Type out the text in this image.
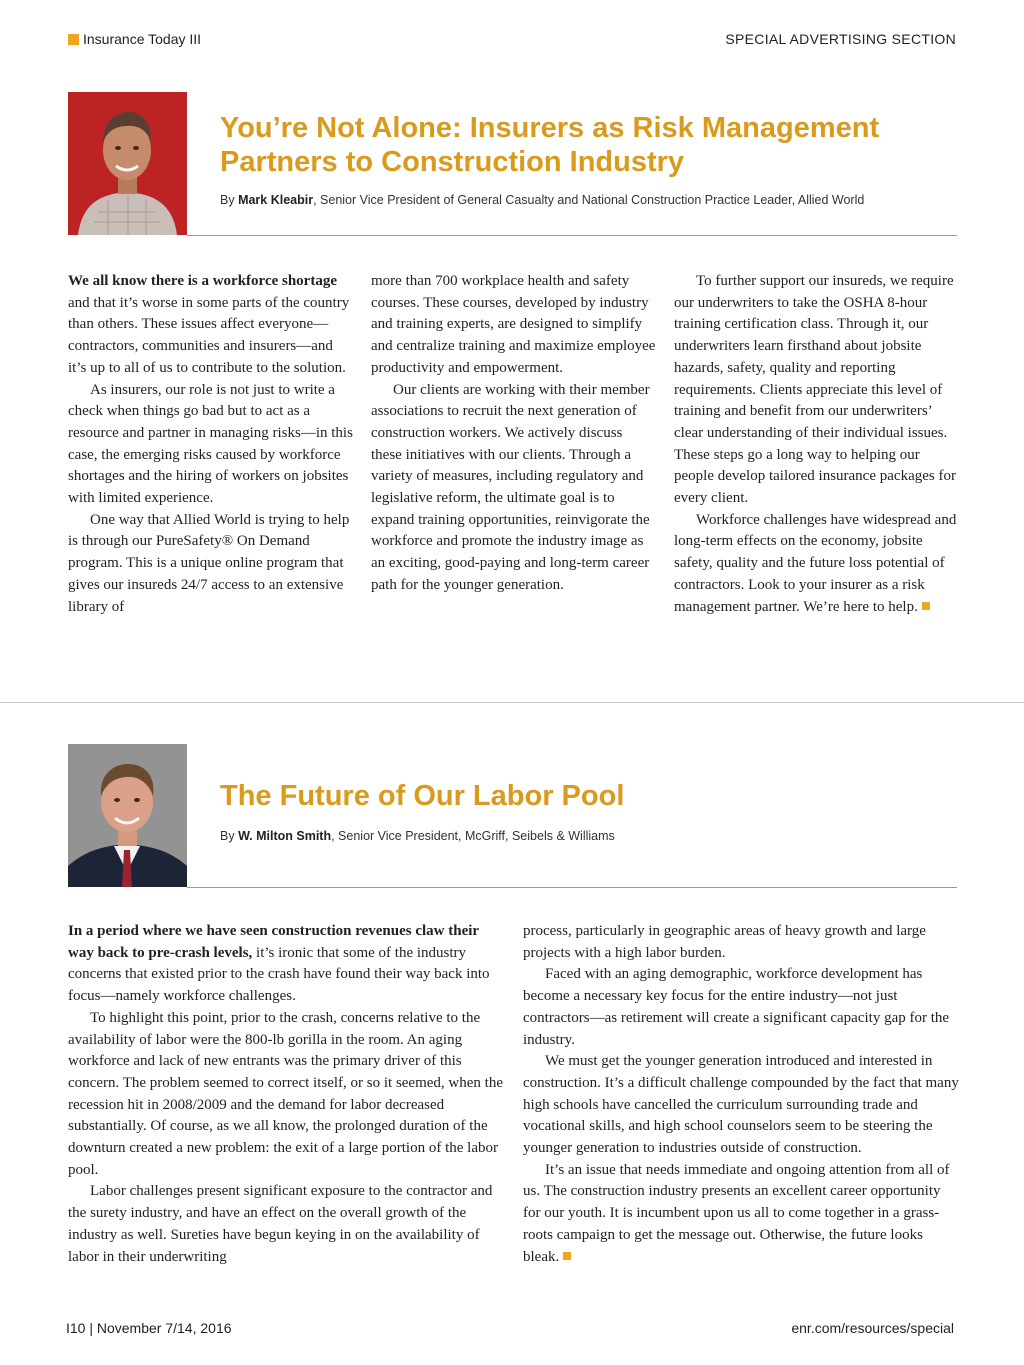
Insurance Today III	SPECIAL ADVERTISING SECTION
You’re Not Alone: Insurers as Risk Management Partners to Construction Industry
By Mark Kleabir, Senior Vice President of General Casualty and National Construction Practice Leader, Allied World

We all know there is a workforce shortage and that it’s worse in some parts of the country than others. These issues affect everyone—contractors, communities and insurers—and it’s up to all of us to contribute to the solution.

As insurers, our role is not just to write a check when things go bad but to act as a resource and partner in managing risks—in this case, the emerging risks caused by workforce shortages and the hiring of workers on jobsites with limited experience.

One way that Allied World is trying to help is through our PureSafety® On Demand program. This is a unique online program that gives our insureds 24/7 access to an extensive library of

more than 700 workplace health and safety courses. These courses, developed by industry and training experts, are designed to simplify and centralize training and maximize employee productivity and empowerment.

Our clients are working with their member associations to recruit the next generation of construction workers. We actively discuss these initiatives with our clients. Through a variety of measures, including regulatory and legislative reform, the ultimate goal is to expand training opportunities, reinvigorate the workforce and promote the industry image as an exciting, good-paying and long-term career path for the younger generation.

To further support our insureds, we require our underwriters to take the OSHA 8-hour training certification class. Through it, our underwriters learn firsthand about jobsite hazards, safety, quality and reporting requirements. Clients appreciate this level of training and benefit from our underwriters’ clear understanding of their individual issues. These steps go a long way to helping our people develop tailored insurance packages for every client.

Workforce challenges have widespread and long-term effects on the economy, jobsite safety, quality and the future loss potential of contractors. Look to your insurer as a risk management partner. We’re here to help.

The Future of Our Labor Pool
By W. Milton Smith, Senior Vice President, McGriff, Seibels & Williams

In a period where we have seen construction revenues claw their way back to pre-crash levels, it’s ironic that some of the industry concerns that existed prior to the crash have found their way back into focus—namely workforce challenges.

To highlight this point, prior to the crash, concerns relative to the availability of labor were the 800-lb gorilla in the room. An aging workforce and lack of new entrants was the primary driver of this concern. The problem seemed to correct itself, or so it seemed, when the recession hit in 2008/2009 and the demand for labor decreased substantially. Of course, as we all know, the prolonged duration of the downturn created a new problem: the exit of a large portion of the labor pool.

Labor challenges present significant exposure to the contractor and the surety industry, and have an effect on the overall growth of the industry as well. Sureties have begun keying in on the availability of labor in their underwriting

process, particularly in geographic areas of heavy growth and large projects with a high labor burden.

Faced with an aging demographic, workforce development has become a necessary key focus for the entire industry—not just contractors—as retirement will create a significant capacity gap for the industry.

We must get the younger generation introduced and interested in construction. It’s a difficult challenge compounded by the fact that many high schools have cancelled the curriculum surrounding trade and vocational skills, and high school counselors seem to be steering the younger generation to industries outside of construction.

It’s an issue that needs immediate and ongoing attention from all of us. The construction industry presents an excellent career opportunity for our youth. It is incumbent upon us all to come together in a grass-roots campaign to get the message out. Otherwise, the future looks bleak.

I10 | November 7/14, 2016	enr.com/resources/special
